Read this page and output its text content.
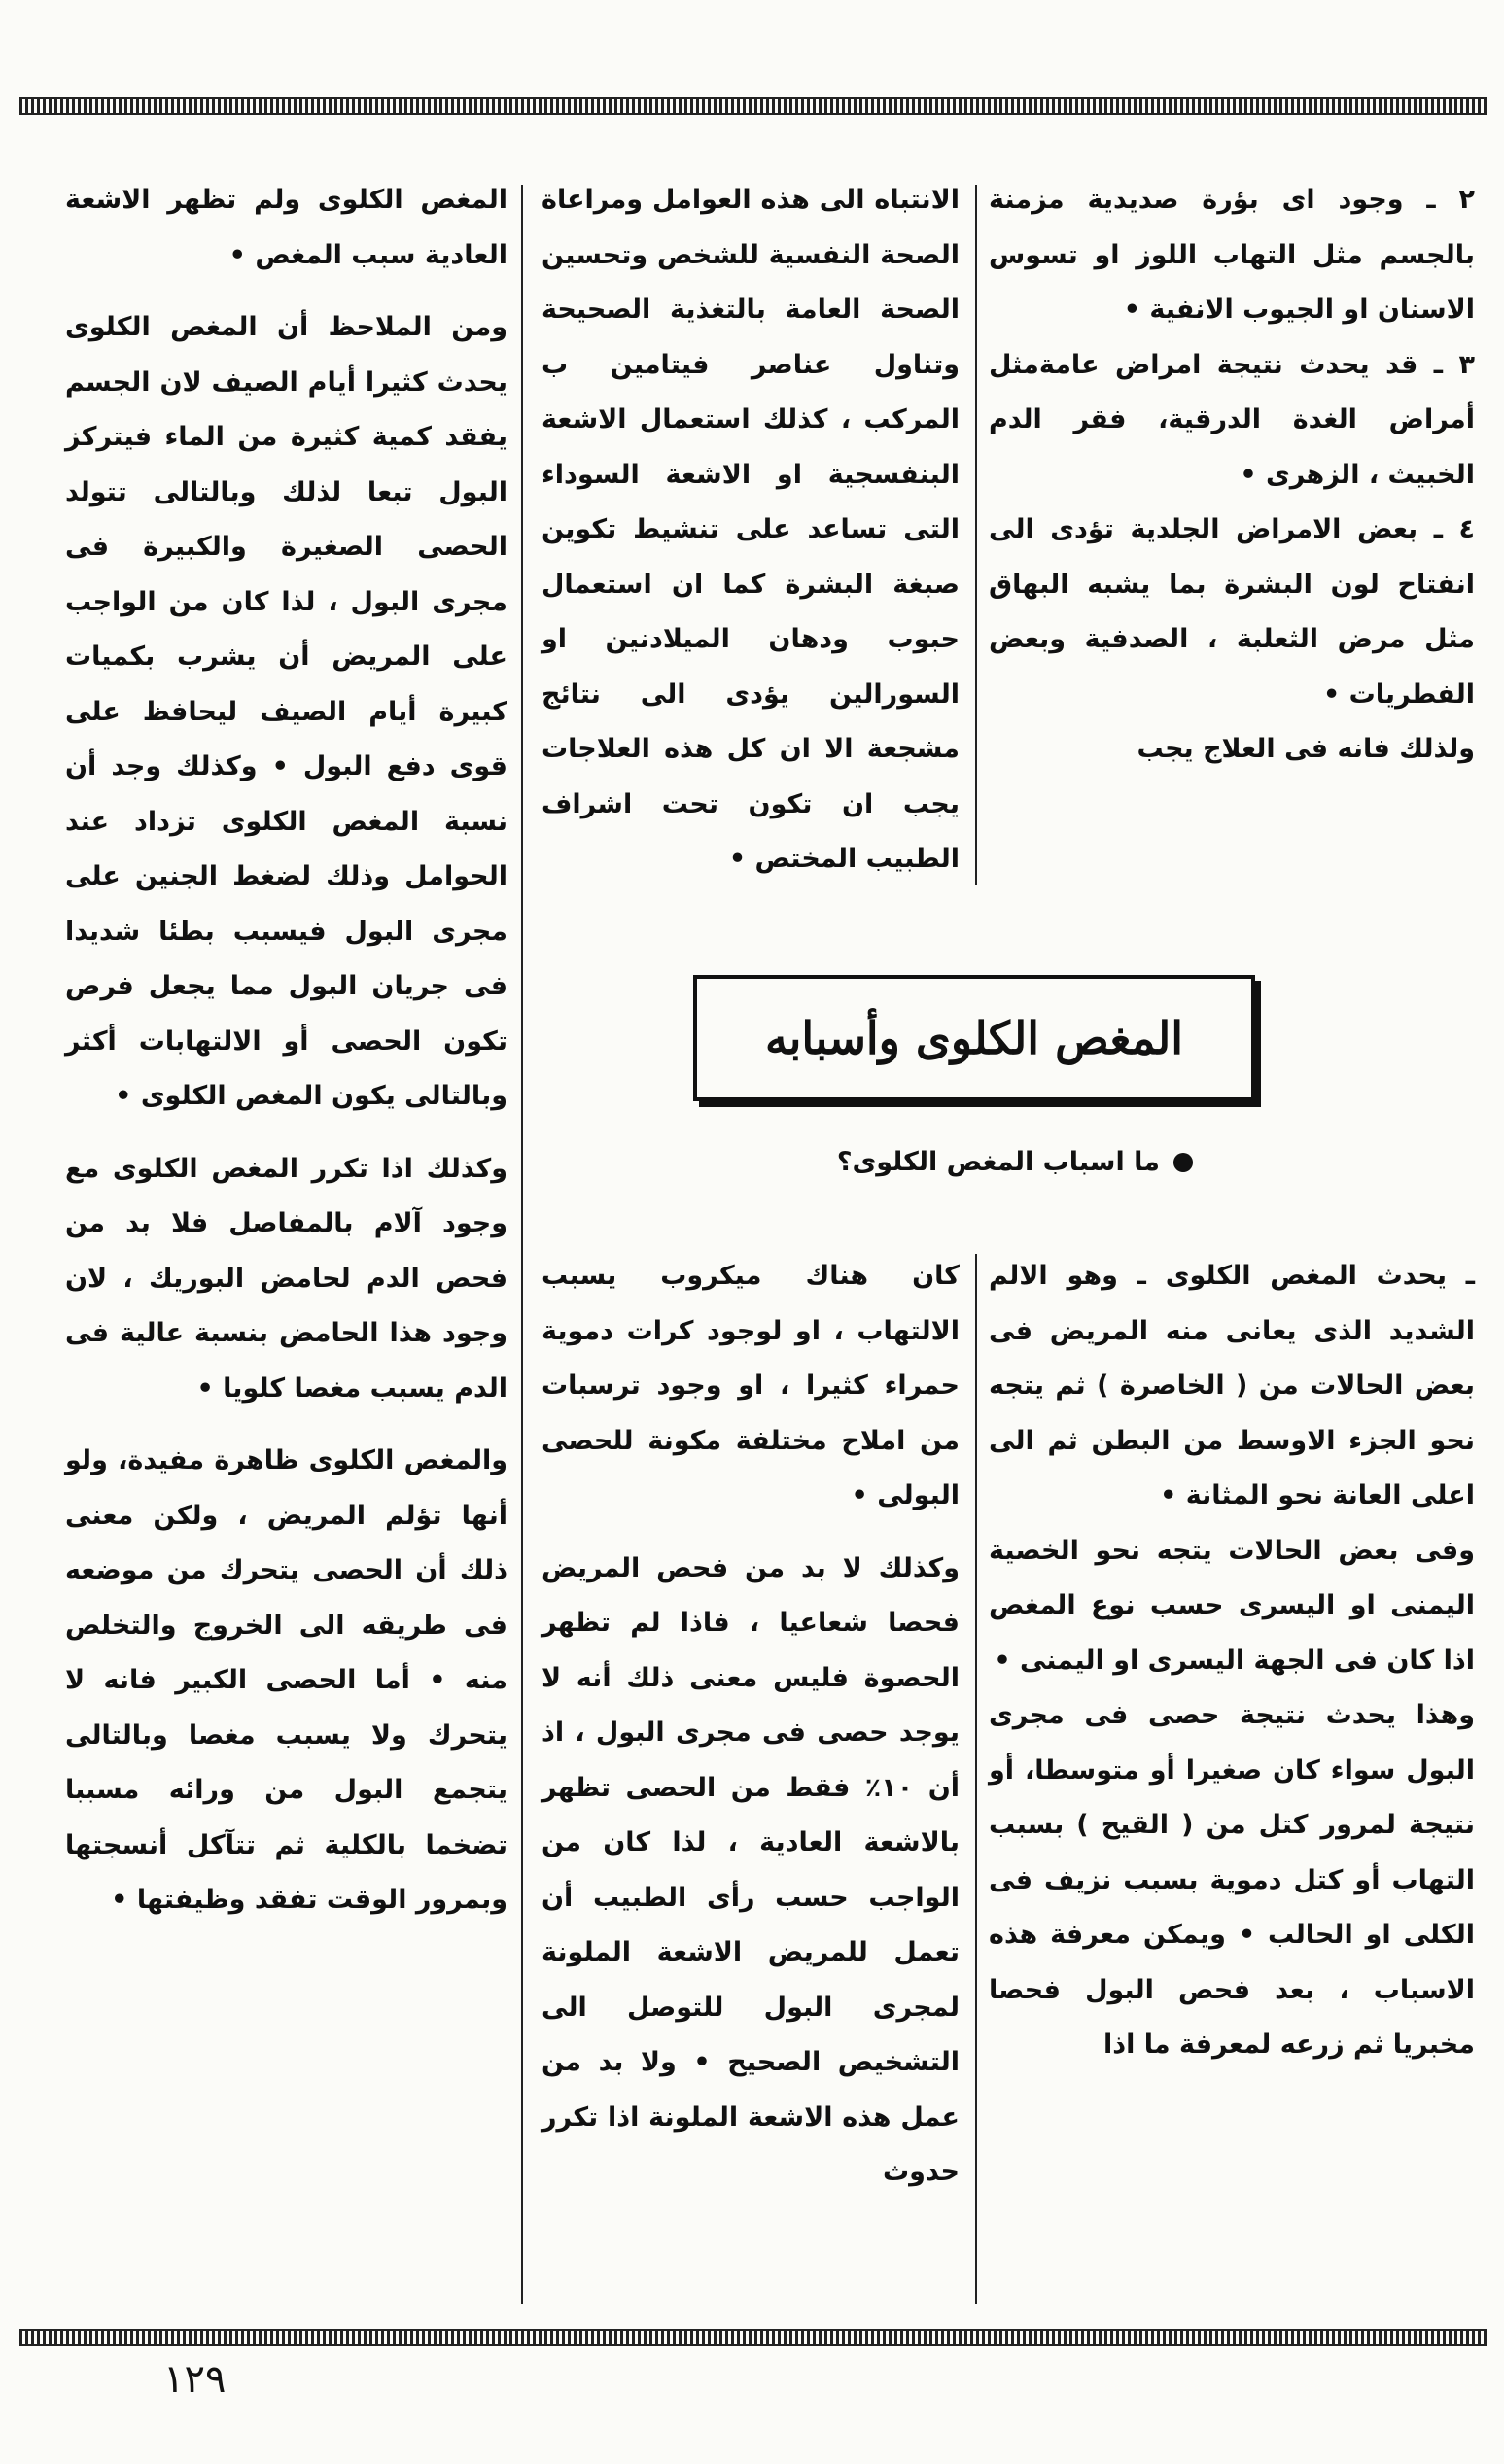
٢ ـ وجود اى بؤرة صديدية مزمنة بالجسم مثل التهاب اللوز او تسوس الاسنان او الجيوب الانفية •

٣ ـ قد يحدث نتيجة امراض عامةمثل أمراض الغدة الدرقية، فقر الدم الخبيث ، الزهرى •

٤ ـ بعض الامراض الجلدية تؤدى الى انفتاح لون البشرة بما يشبه البهاق مثل مرض الثعلبة ، الصدفية وبعض الفطريات •

ولذلك فانه فى العلاج يجب

الانتباه الى هذه العوامل ومراعاة الصحة النفسية للشخص وتحسين الصحة العامة بالتغذية الصحيحة وتناول عناصر فيتامين ب المركب ، كذلك استعمال الاشعة البنفسجية او الاشعة السوداء التى تساعد على تنشيط تكوين صبغة البشرة كما ان استعمال حبوب ودهان الميلادنين او السورالين يؤدى الى نتائج مشجعة الا ان كل هذه العلاجات يجب ان تكون تحت اشراف الطبيب المختص •

المغص الكلوى وأسبابه
ما اسباب المغص الكلوى؟

ـ يحدث المغص الكلوى ـ وهو الالم الشديد الذى يعانى منه المريض فى بعض الحالات من ( الخاصرة ) ثم يتجه نحو الجزء الاوسط من البطن ثم الى اعلى العانة نحو المثانة •

وفى بعض الحالات يتجه نحو الخصية اليمنى او اليسرى حسب نوع المغص اذا كان فى الجهة اليسرى او اليمنى •

وهذا يحدث نتيجة حصى فى مجرى البول سواء كان صغيرا أو متوسطا، أو نتيجة لمرور كتل من ( القيح ) بسبب التهاب أو كتل دموية بسبب نزيف فى الكلى او الحالب • ويمكن معرفة هذه الاسباب ، بعد فحص البول فحصا مخبريا ثم زرعه لمعرفة ما اذا

كان هناك ميكروب يسبب الالتهاب ، او لوجود كرات دموية حمراء كثيرا ، او وجود ترسبات من املاح مختلفة مكونة للحصى البولى •

وكذلك لا بد من فحص المريض فحصا شعاعيا ، فاذا لم تظهر الحصوة فليس معنى ذلك أنه لا يوجد حصى فى مجرى البول ، اذ أن ١٠٪ فقط من الحصى تظهر بالاشعة العادية ، لذا كان من الواجب حسب رأى الطبيب أن تعمل للمريض الاشعة الملونة لمجرى البول للتوصل الى التشخيص الصحيح • ولا بد من عمل هذه الاشعة الملونة اذا تكرر حدوث

المغص الكلوى ولم تظهر الاشعة العادية سبب المغص •

ومن الملاحظ أن المغص الكلوى يحدث كثيرا أيام الصيف لان الجسم يفقد كمية كثيرة من الماء فيتركز البول تبعا لذلك وبالتالى تتولد الحصى الصغيرة والكبيرة فى مجرى البول ، لذا كان من الواجب على المريض أن يشرب بكميات كبيرة أيام الصيف ليحافظ على قوى دفع البول • وكذلك وجد أن نسبة المغص الكلوى تزداد عند الحوامل وذلك لضغط الجنين على مجرى البول فيسبب بطئا شديدا فى جريان البول مما يجعل فرص تكون الحصى أو الالتهابات أكثر وبالتالى يكون المغص الكلوى •

وكذلك اذا تكرر المغص الكلوى مع وجود آلام بالمفاصل فلا بد من فحص الدم لحامض البوريك ، لان وجود هذا الحامض بنسبة عالية فى الدم يسبب مغصا كلويا •

والمغص الكلوى ظاهرة مفيدة، ولو أنها تؤلم المريض ، ولكن معنى ذلك أن الحصى يتحرك من موضعه فى طريقه الى الخروج والتخلص منه • أما الحصى الكبير فانه لا يتحرك ولا يسبب مغصا وبالتالى يتجمع البول من ورائه مسببا تضخما بالكلية ثم تتآكل أنسجتها وبمرور الوقت تفقد وظيفتها •

١٢٩
